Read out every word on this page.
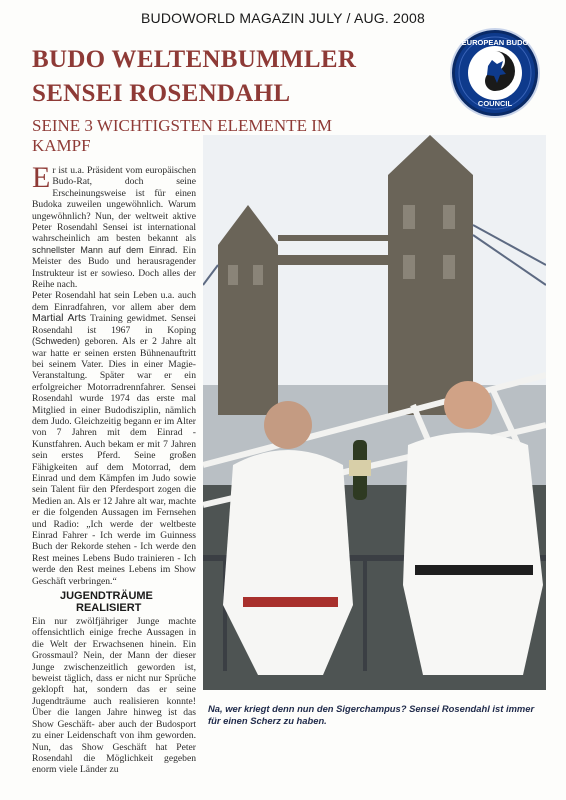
BUDOWORLD MAGAZIN JULY / AUG. 2008
BUDO WELTENBUMMLER
SENSEI ROSENDAHL
SEINE 3 WICHTIGSTEN ELEMENTE IM KAMPF
EUROPEAN BUDO
COUNCIL

Er ist u.a. Präsident vom europäischen Budo-Rat, doch seine Erscheinungsweise ist für einen Budoka zuweilen ungewöhnlich. Warum ungewöhnlich? Nun, der weltweit aktive Peter Rosendahl Sensei ist international wahrscheinlich am besten bekannt als schnellster Mann auf dem Einrad. Ein Meister des Budo und herausragender Instrukteur ist er sowieso. Doch alles der Reihe nach.

Peter Rosendahl hat sein Leben u.a. auch dem Einradfahren, vor allem aber dem Martial Arts Training gewidmet. Sensei Rosendahl ist 1967 in Koping (Schweden) geboren. Als er 2 Jahre alt war hatte er seinen ersten Bühnenauftritt bei seinem Vater. Dies in einer Magie-Veranstaltung. Später war er ein erfolgreicher Motorradrennfahrer. Sensei Rosendahl wurde 1974 das erste mal Mitglied in einer Budodisziplin, nämlich dem Judo. Gleichzeitig begann er im Alter von 7 Jahren mit dem Einrad - Kunstfahren. Auch bekam er mit 7 Jahren sein erstes Pferd. Seine großen Fähigkeiten auf dem Motorrad, dem Einrad und dem Kämpfen im Judo sowie sein Talent für den Pferdesport zogen die Medien an. Als er 12 Jahre alt war, machte er die folgenden Aussagen im Fernsehen und Radio: „Ich werde der weltbeste Einrad Fahrer - Ich werde im Guinness Buch der Rekorde stehen - Ich werde den Rest meines Lebens Budo trainieren - Ich werde den Rest meines Lebens im Show Geschäft verbringen.“

JUGENDTRÄUME
REALISIERT

Ein nur zwölfjähriger Junge machte offensichtlich einige freche Aussagen in die Welt der Erwachsenen hinein. Ein Grossmaul? Nein, der Mann der dieser Junge zwischenzeitlich geworden ist, beweist täglich, dass er nicht nur Sprüche geklopft hat, sondern das er seine Jugendträume auch realisieren konnte! Über die langen Jahre hinweg ist das Show Geschäft- aber auch der Budosport zu einer Leidenschaft von ihm geworden. Nun, das Show Geschäft hat Peter Rosendahl die Möglichkeit gegeben enorm viele Länder zu

Na, wer kriegt denn nun den Sigerchampus? Sensei Rosendahl ist immer für einen Scherz zu haben.
